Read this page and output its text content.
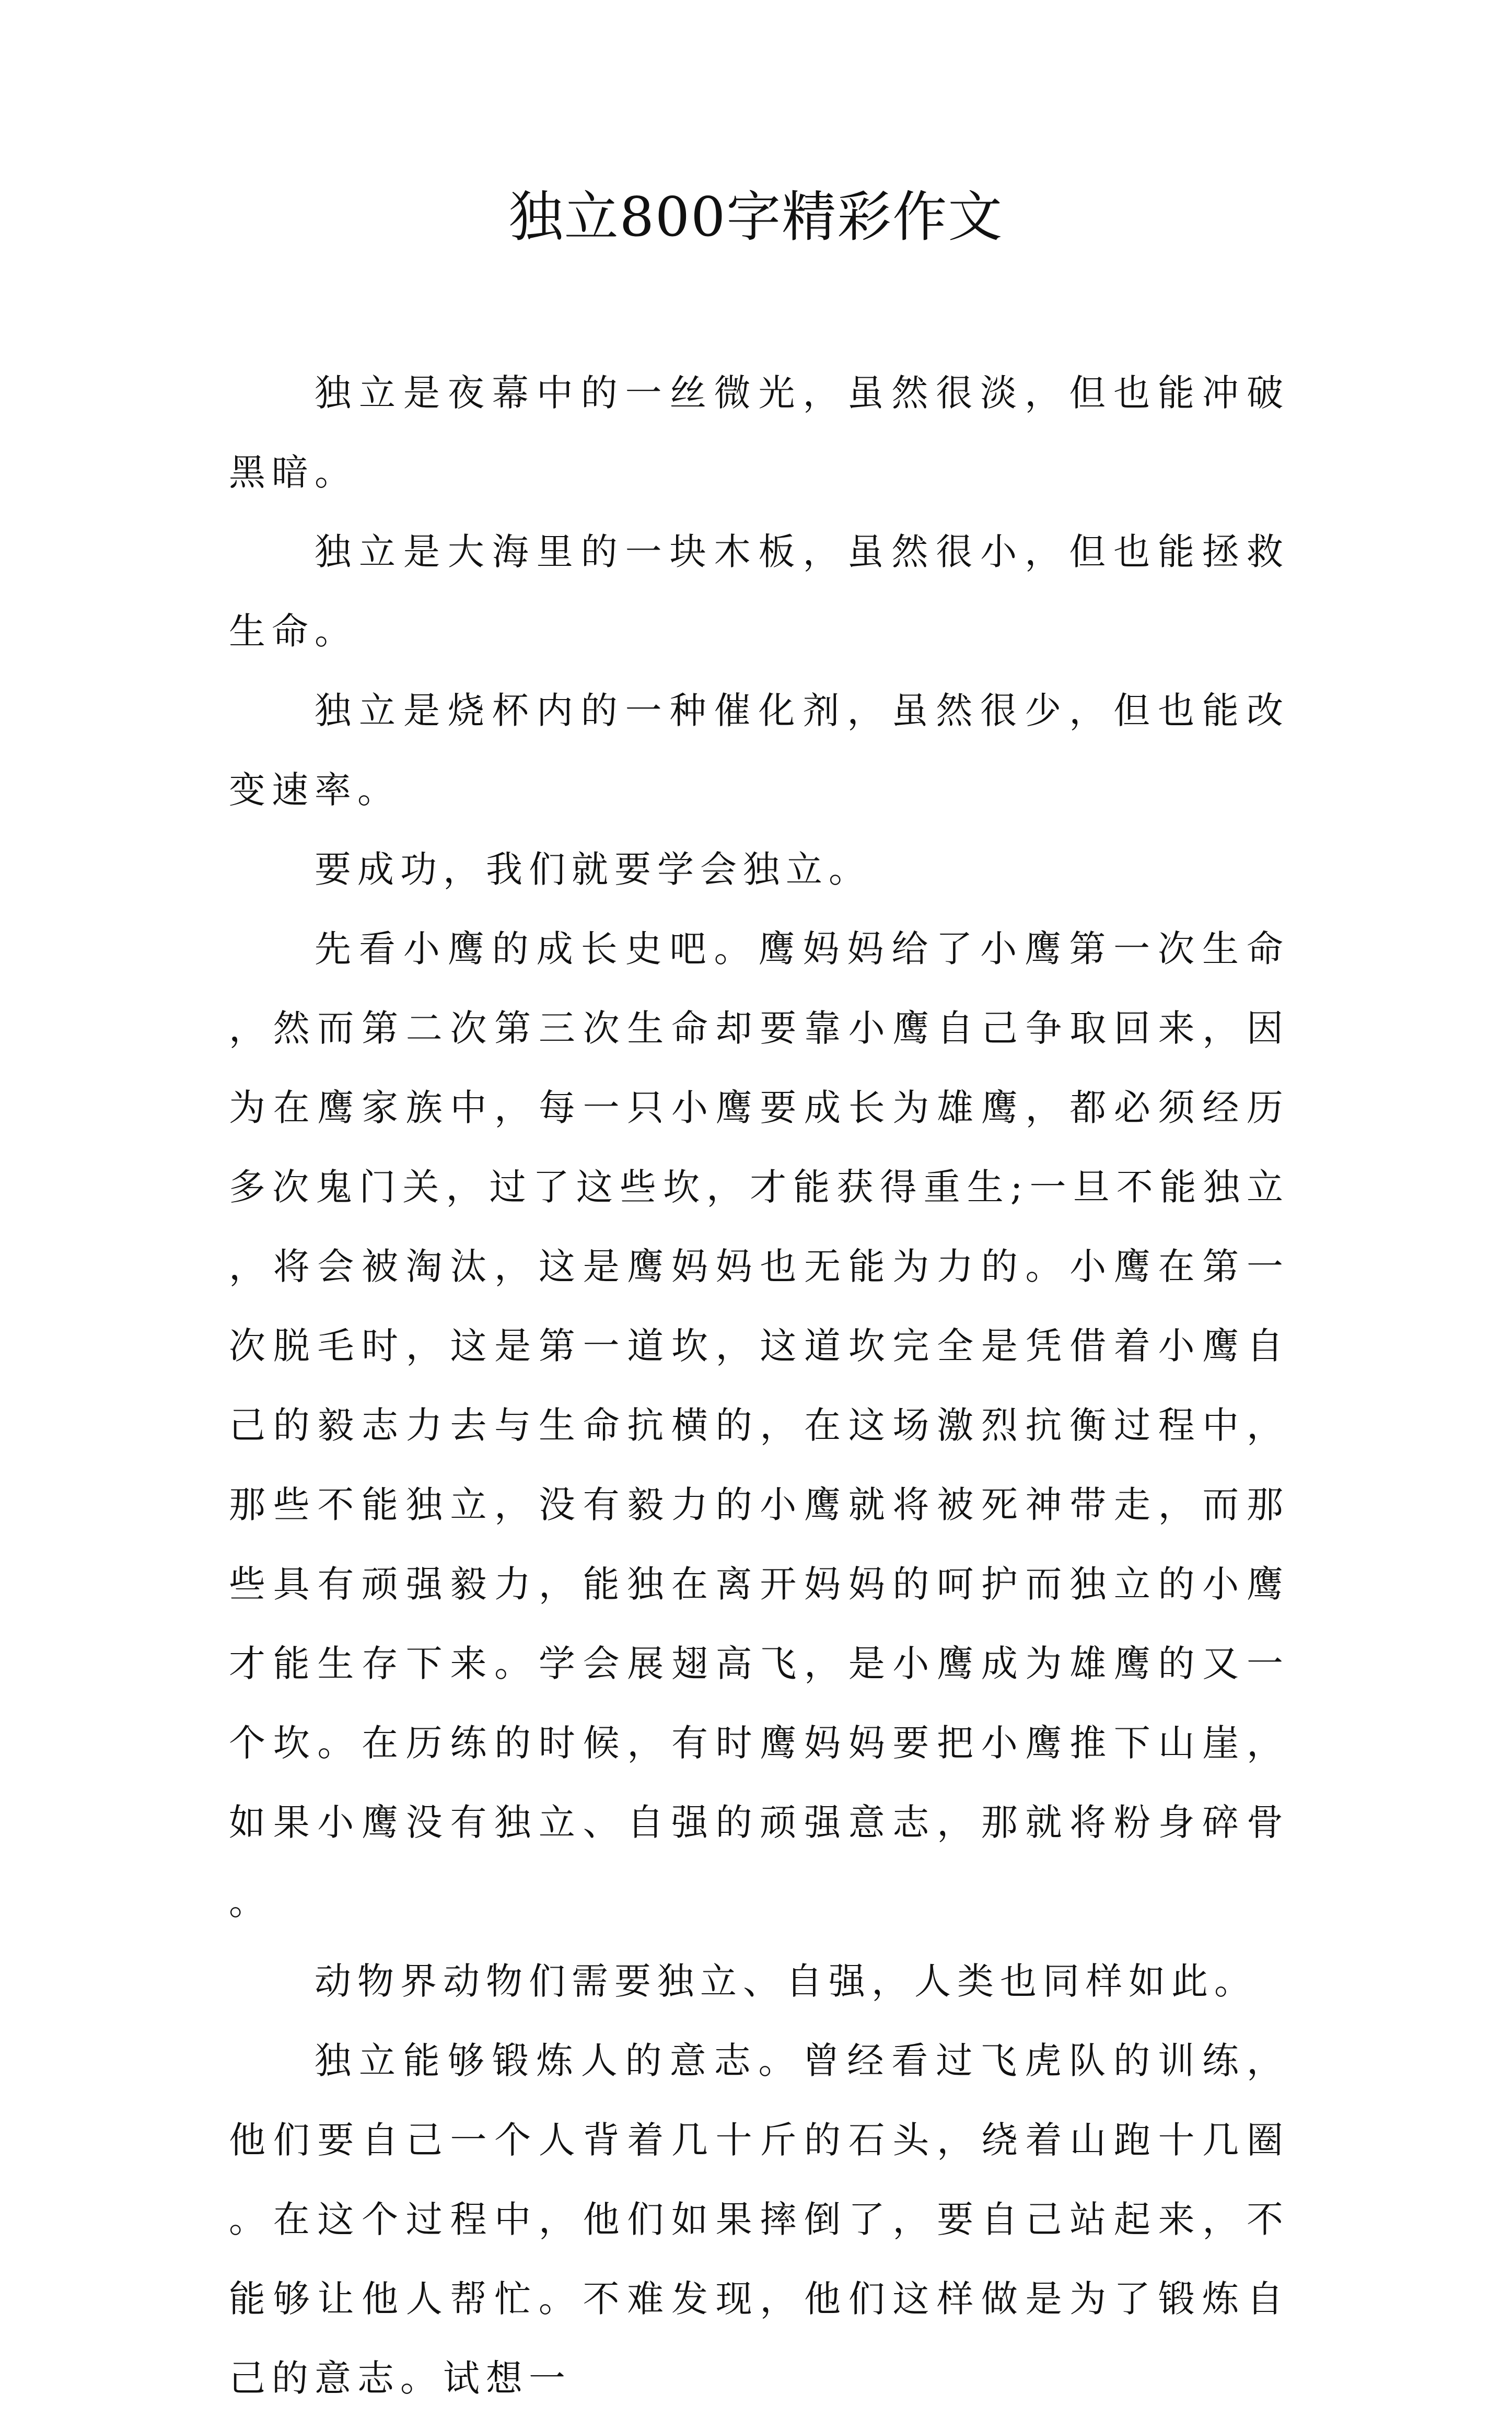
独立800字精彩作文

独立是夜幕中的一丝微光，虽然很淡，但也能冲破黑暗。

独立是大海里的一块木板，虽然很小，但也能拯救生命。

独立是烧杯内的一种催化剂，虽然很少，但也能改变速率。

要成功，我们就要学会独立。

先看小鹰的成长史吧。鹰妈妈给了小鹰第一次生命，然而第二次第三次生命却要靠小鹰自己争取回来，因为在鹰家族中，每一只小鹰要成长为雄鹰，都必须经历多次鬼门关，过了这些坎，才能获得重生;一旦不能独立，将会被淘汰，这是鹰妈妈也无能为力的。小鹰在第一次脱毛时，这是第一道坎，这道坎完全是凭借着小鹰自己的毅志力去与生命抗横的，在这场激烈抗衡过程中，那些不能独立，没有毅力的小鹰就将被死神带走，而那些具有顽强毅力，能独在离开妈妈的呵护而独立的小鹰才能生存下来。学会展翅高飞，是小鹰成为雄鹰的又一个坎。在历练的时候，有时鹰妈妈要把小鹰推下山崖，如果小鹰没有独立、自强的顽强意志，那就将粉身碎骨。

动物界动物们需要独立、自强，人类也同样如此。

独立能够锻炼人的意志。曾经看过飞虎队的训练，他们要自己一个人背着几十斤的石头，绕着山跑十几圈。在这个过程中，他们如果摔倒了，要自己站起来，不能够让他人帮忙。不难发现，他们这样做是为了锻炼自己的意志。试想一
